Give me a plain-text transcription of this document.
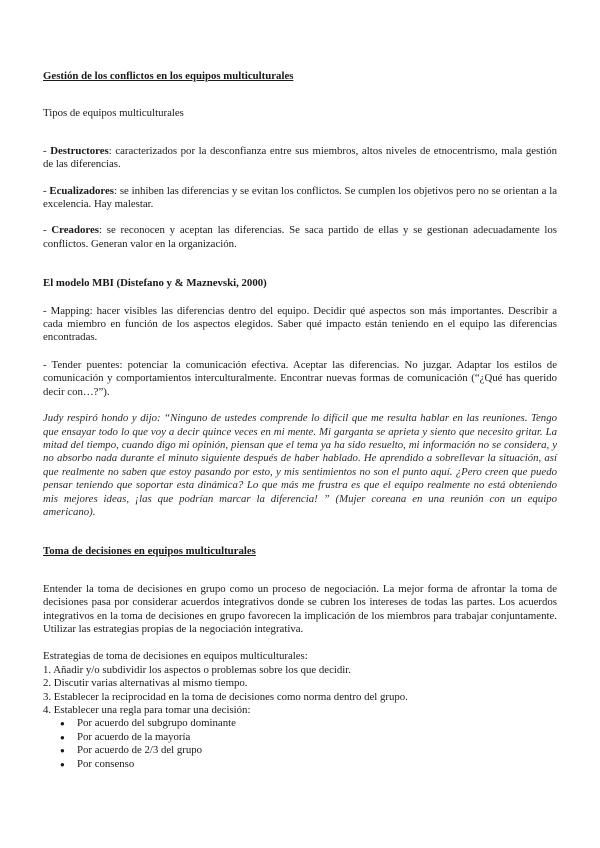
Gestión de los conflictos en los equipos multiculturales

Tipos de equipos multiculturales

- Destructores: caracterizados por la desconfianza entre sus miembros, altos niveles de etnocentrismo, mala gestión de las diferencias.

- Ecualizadores: se inhiben las diferencias y se evitan los conflictos. Se cumplen los objetivos pero no se orientan a la excelencia. Hay malestar.

- Creadores: se reconocen y aceptan las diferencias. Se saca partido de ellas y se gestionan adecuadamente los conflictos. Generan valor en la organización.

El modelo MBI (Distefano y & Maznevski, 2000)

- Mapping: hacer visibles las diferencias dentro del equipo. Decidir qué aspectos son más importantes. Describir a cada miembro en función de los aspectos elegidos. Saber qué impacto están teniendo en el equipo las diferencias encontradas.

- Tender puentes: potenciar la comunicación efectiva. Aceptar las diferencias. No juzgar. Adaptar los estilos de comunicación y comportamientos interculturalmente. Encontrar nuevas formas de comunicación (“¿Qué has querido decir con…?”).

Judy respiró hondo y dijo: “Ninguno de ustedes comprende lo difícil que me resulta hablar en las reuniones. Tengo que ensayar todo lo que voy a decir quince veces en mi mente. Mi garganta se aprieta y siento que necesito gritar. La mitad del tiempo, cuando digo mi opinión, piensan que el tema ya ha sido resuelto, mi información no se considera, y no absorbo nada durante el minuto siguiente después de haber hablado. He aprendido a sobrellevar la situación, así que realmente no saben que estoy pasando por esto, y mis sentimientos no son el punto aquí. ¿Pero creen que puedo pensar teniendo que soportar esta dinámica? Lo que más me frustra es que el equipo realmente no está obteniendo mis mejores ideas, ¡las que podrían marcar la diferencia! ” (Mujer coreana en una reunión con un equipo americano).

Toma de decisiones en equipos multiculturales

Entender la toma de decisiones en grupo como un proceso de negociación. La mejor forma de afrontar la toma de decisiones pasa por considerar acuerdos integrativos donde se cubren los intereses de todas las partes. Los acuerdos integrativos en la toma de decisiones en grupo favorecen la implicación de los miembros para trabajar conjuntamente. Utilizar las estrategias propias de la negociación integrativa.

Estrategias de toma de decisiones en equipos multiculturales:

1. Añadir y/o subdividir los aspectos o problemas sobre los que decidir.
2. Discutir varias alternativas al mismo tiempo.
3. Establecer la reciprocidad en la toma de decisiones como norma dentro del grupo.
4. Establecer una regla para tomar una decisión:
● Por acuerdo del subgrupo dominante
● Por acuerdo de la mayoría
● Por acuerdo de 2/3 del grupo
● Por consenso
